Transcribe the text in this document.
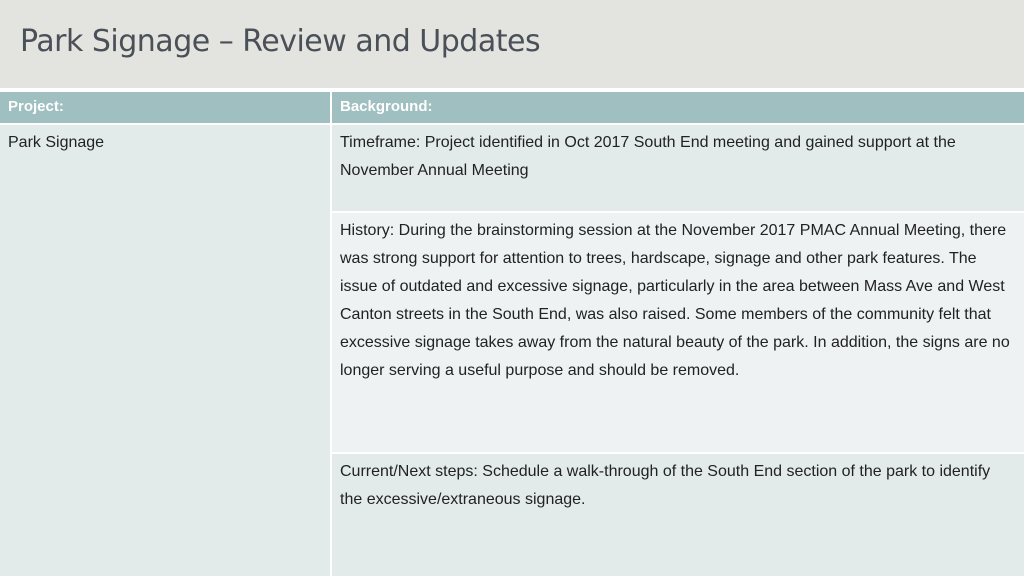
Park Signage – Review and Updates
Project:	Background:
Park Signage	Timeframe: Project identified in Oct 2017 South End meeting and gained support at the November Annual Meeting
History: During the brainstorming session at the November 2017 PMAC Annual Meeting, there was strong support for attention to trees, hardscape, signage and other park features. The issue of outdated and excessive signage, particularly in the area between Mass Ave and West Canton streets in the South End, was also raised. Some members of the community felt that excessive signage takes away from the natural beauty of the park. In addition, the signs are no longer serving a useful purpose and should be removed.
Current/Next steps: Schedule a walk-through of the South End section of the park to identify the excessive/extraneous signage.
